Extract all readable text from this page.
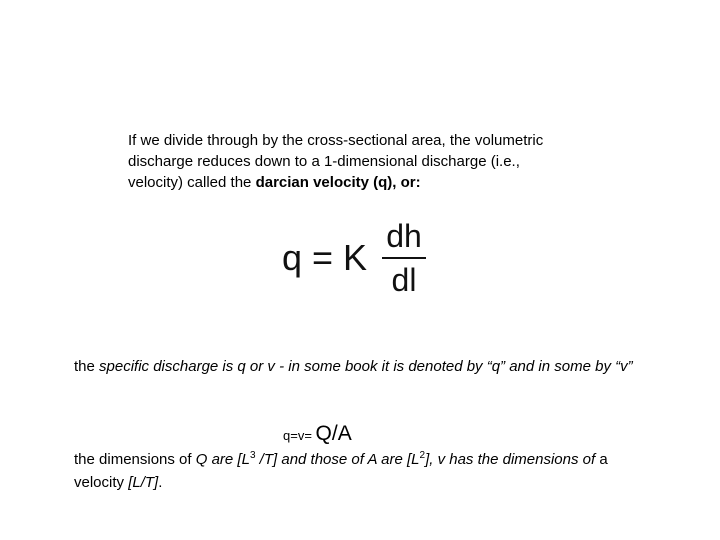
If we divide through by the cross-sectional area, the volumetric discharge reduces down to a 1-dimensional discharge (i.e., velocity) called the darcian velocity (q), or:

q = K
dh
dl

the specific discharge is q or v - in some book it is denoted by “q” and in some by “v”

q=v= Q/A

the dimensions of Q are [$L^3$ /T] and those of A are $[L^2]$, v has the dimensions of a velocity [L/T].
